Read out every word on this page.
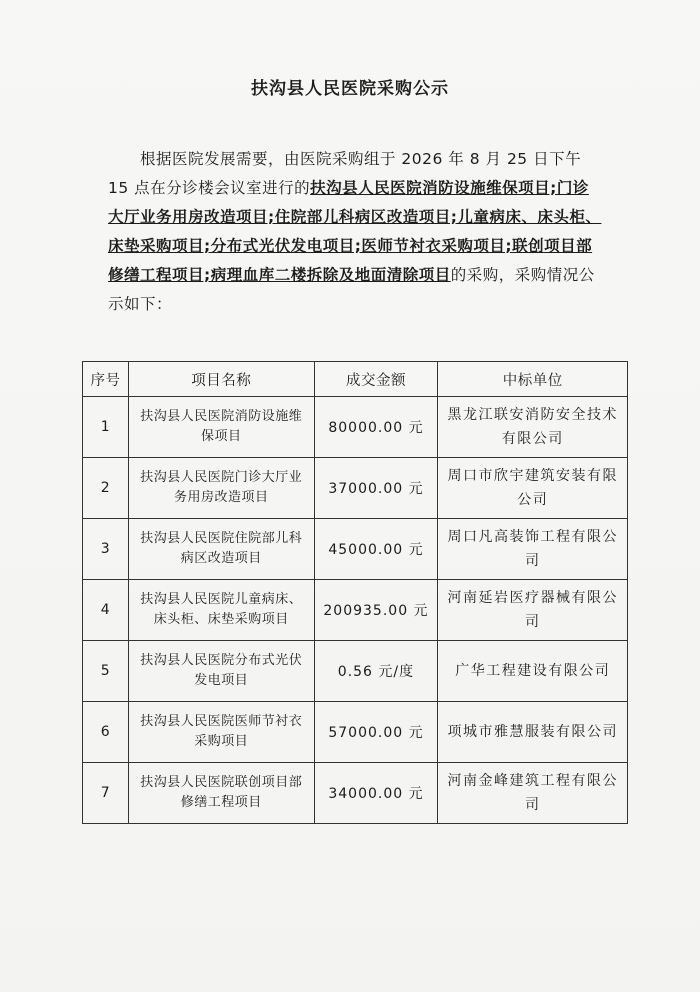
扶沟县人民医院采购公示

根据医院发展需要，由医院采购组于 2026 年 8 月 25 日下午 15 点在分诊楼会议室进行的扶沟县人民医院消防设施维保项目;门诊大厅业务用房改造项目;住院部儿科病区改造项目;儿童病床、床头柜、床垫采购项目;分布式光伏发电项目;医师节衬衣采购项目;联创项目部修缮工程项目;病理血库二楼拆除及地面清除项目的采购，采购情况公示如下：

序号	项目名称	成交金额	中标单位
1	扶沟县人民医院消防设施维保项目	80000.00 元	黑龙江联安消防安全技术有限公司
2	扶沟县人民医院门诊大厅业务用房改造项目	37000.00 元	周口市欣宇建筑安装有限公司
3	扶沟县人民医院住院部儿科病区改造项目	45000.00 元	周口凡高装饰工程有限公司
4	扶沟县人民医院儿童病床、床头柜、床垫采购项目	200935.00 元	河南延岩医疗器械有限公司
5	扶沟县人民医院分布式光伏发电项目	0.56 元/度	广华工程建设有限公司
6	扶沟县人民医院医师节衬衣采购项目	57000.00 元	项城市雅慧服装有限公司
7	扶沟县人民医院联创项目部修缮工程项目	34000.00 元	河南金峰建筑工程有限公司
